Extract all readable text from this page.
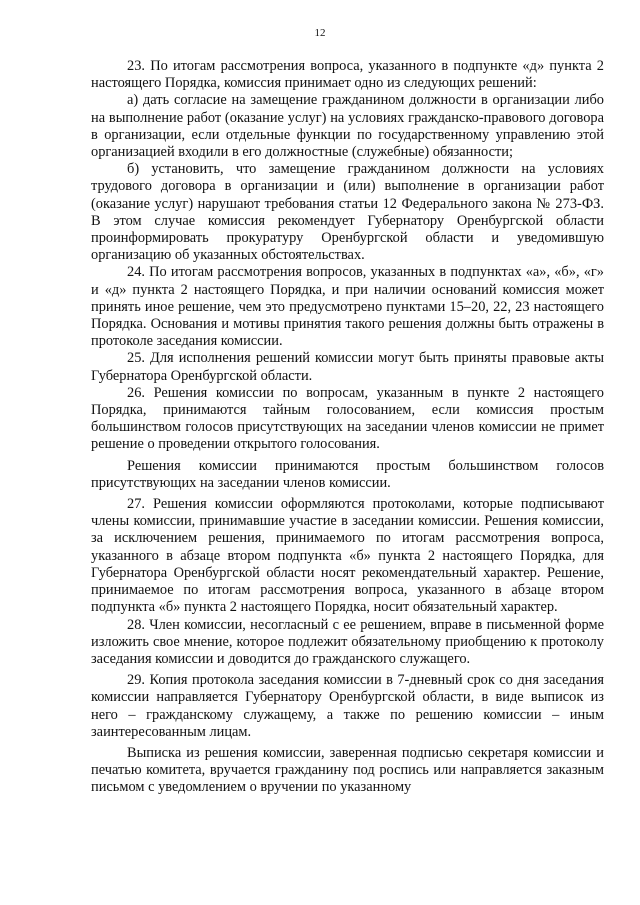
12

23. По итогам рассмотрения вопроса, указанного в подпункте «д» пункта 2 настоящего Порядка, комиссия принимает одно из следующих решений:

а) дать согласие на замещение гражданином должности в организации либо на выполнение работ (оказание услуг) на условиях гражданско-правового договора в организации, если отдельные функции по государственному управлению этой организацией входили в его должностные (служебные) обязанности;

б) установить, что замещение гражданином должности на условиях трудового договора в организации и (или) выполнение в организации работ (оказание услуг) нарушают требования статьи 12 Федерального закона № 273-ФЗ. В этом случае комиссия рекомендует Губернатору Оренбургской области проинформировать прокуратуру Оренбургской области и уведомившую организацию об указанных обстоятельствах.

24. По итогам рассмотрения вопросов, указанных в подпунктах «а», «б», «г» и «д» пункта 2 настоящего Порядка, и при наличии оснований комиссия может принять иное решение, чем это предусмотрено пунктами 15–20, 22, 23 настоящего Порядка. Основания и мотивы принятия такого решения должны быть отражены в протоколе заседания комиссии.

25. Для исполнения решений комиссии могут быть приняты правовые акты Губернатора Оренбургской области.

26. Решения комиссии по вопросам, указанным в пункте 2 настоящего Порядка, принимаются тайным голосованием, если комиссия простым большинством голосов присутствующих на заседании членов комиссии не примет решение о проведении открытого голосования.

Решения комиссии принимаются простым большинством голосов присутствующих на заседании членов комиссии.

27. Решения комиссии оформляются протоколами, которые подписывают члены комиссии, принимавшие участие в заседании комиссии. Решения комиссии, за исключением решения, принимаемого по итогам рассмотрения вопроса, указанного в абзаце втором подпункта «б» пункта 2 настоящего Порядка, для Губернатора Оренбургской области носят рекомендательный характер. Решение, принимаемое по итогам рассмотрения вопроса, указанного в абзаце втором подпункта «б» пункта 2 настоящего Порядка, носит обязательный характер.

28. Член комиссии, несогласный с ее решением, вправе в письменной форме изложить свое мнение, которое подлежит обязательному приобщению к протоколу заседания комиссии и доводится до гражданского служащего.

29. Копия протокола заседания комиссии в 7-дневный срок со дня заседания комиссии направляется Губернатору Оренбургской области, в виде выписок из него – гражданскому служащему, а также по решению комиссии – иным заинтересованным лицам.

Выписка из решения комиссии, заверенная подписью секретаря комиссии и печатью комитета, вручается гражданину под роспись или направляется заказным письмом с уведомлением о вручении по указанному
